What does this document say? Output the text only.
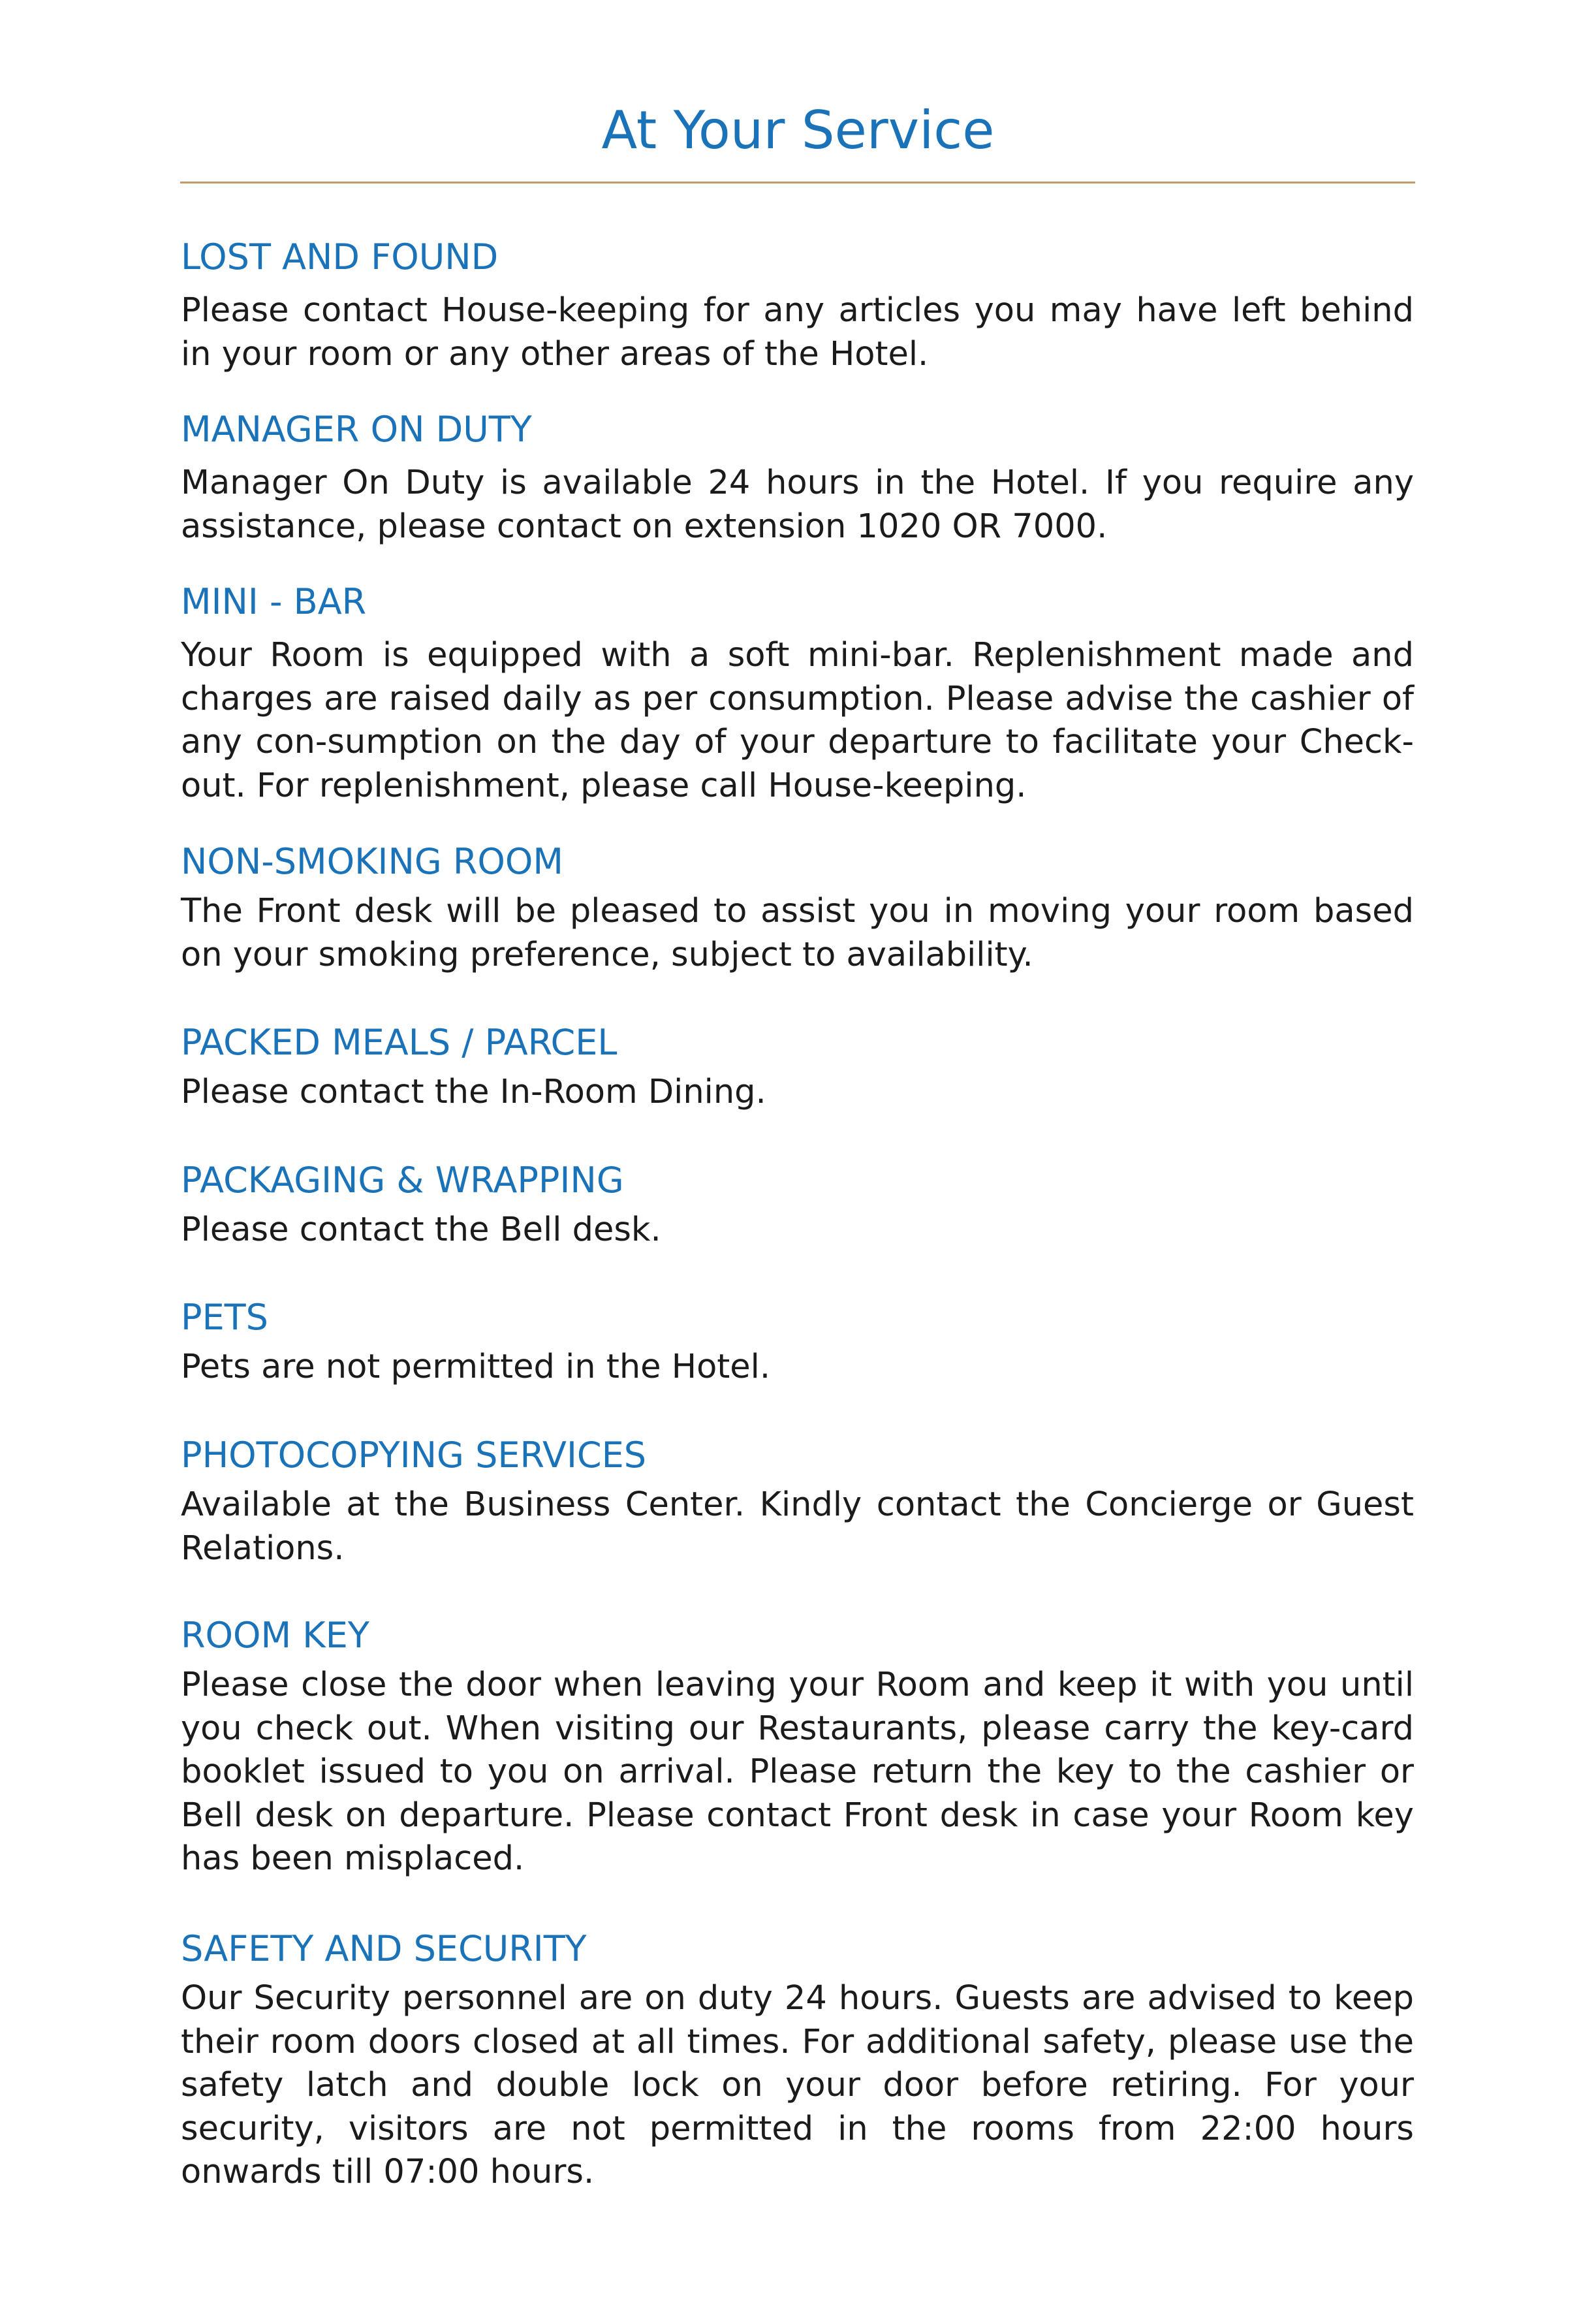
At Your Service
LOST AND FOUND

Please contact House-keeping for any articles you may have left behind in your room or any other areas of the Hotel.

MANAGER ON DUTY

Manager On Duty is available 24 hours in the Hotel. If you require any assistance, please contact on extension 1020 OR 7000.

MINI - BAR

Your Room is equipped with a soft mini-bar. Replenishment made and charges are raised daily as per consumption. Please advise the cashier of any con-sumption on the day of your departure to facilitate your Check-out. For replenishment, please call House-keeping.

NON-SMOKING ROOM

The Front desk will be pleased to assist you in moving your room based on your smoking preference, subject to availability.

PACKED MEALS / PARCEL

Please contact the In-Room Dining.

PACKAGING & WRAPPING

Please contact the Bell desk.

PETS

Pets are not permitted in the Hotel.

PHOTOCOPYING SERVICES

Available at the Business Center. Kindly contact the Concierge or Guest Relations.

ROOM KEY

Please close the door when leaving your Room and keep it with you until you check out. When visiting our Restaurants, please carry the key-card booklet issued to you on arrival. Please return the key to the cashier or Bell desk on departure. Please contact Front desk in case your Room key has been misplaced.

SAFETY AND SECURITY

Our Security personnel are on duty 24 hours. Guests are advised to keep their room doors closed at all times. For additional safety, please use the safety latch and double lock on your door before retiring. For your security, visitors are not permitted in the rooms from 22:00 hours onwards till 07:00 hours.
